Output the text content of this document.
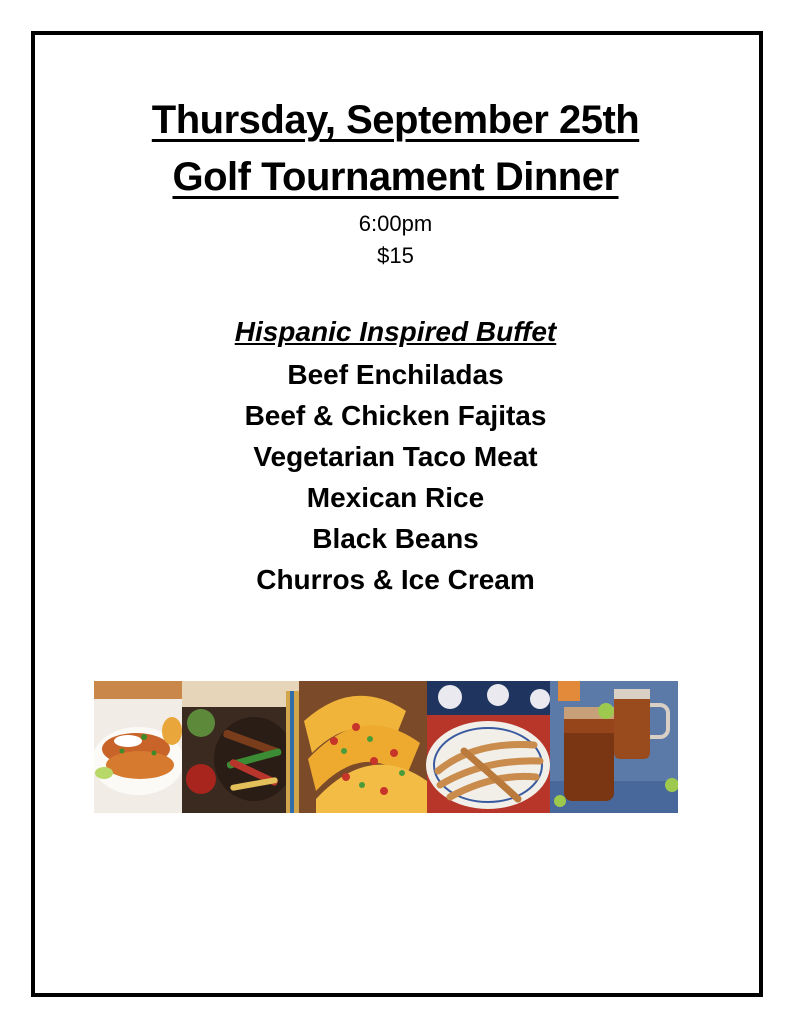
Thursday, September 25th
Golf Tournament Dinner
6:00pm
$15
Hispanic Inspired Buffet
Beef Enchiladas
Beef & Chicken Fajitas
Vegetarian Taco Meat
Mexican Rice
Black Beans
Churros & Ice Cream
